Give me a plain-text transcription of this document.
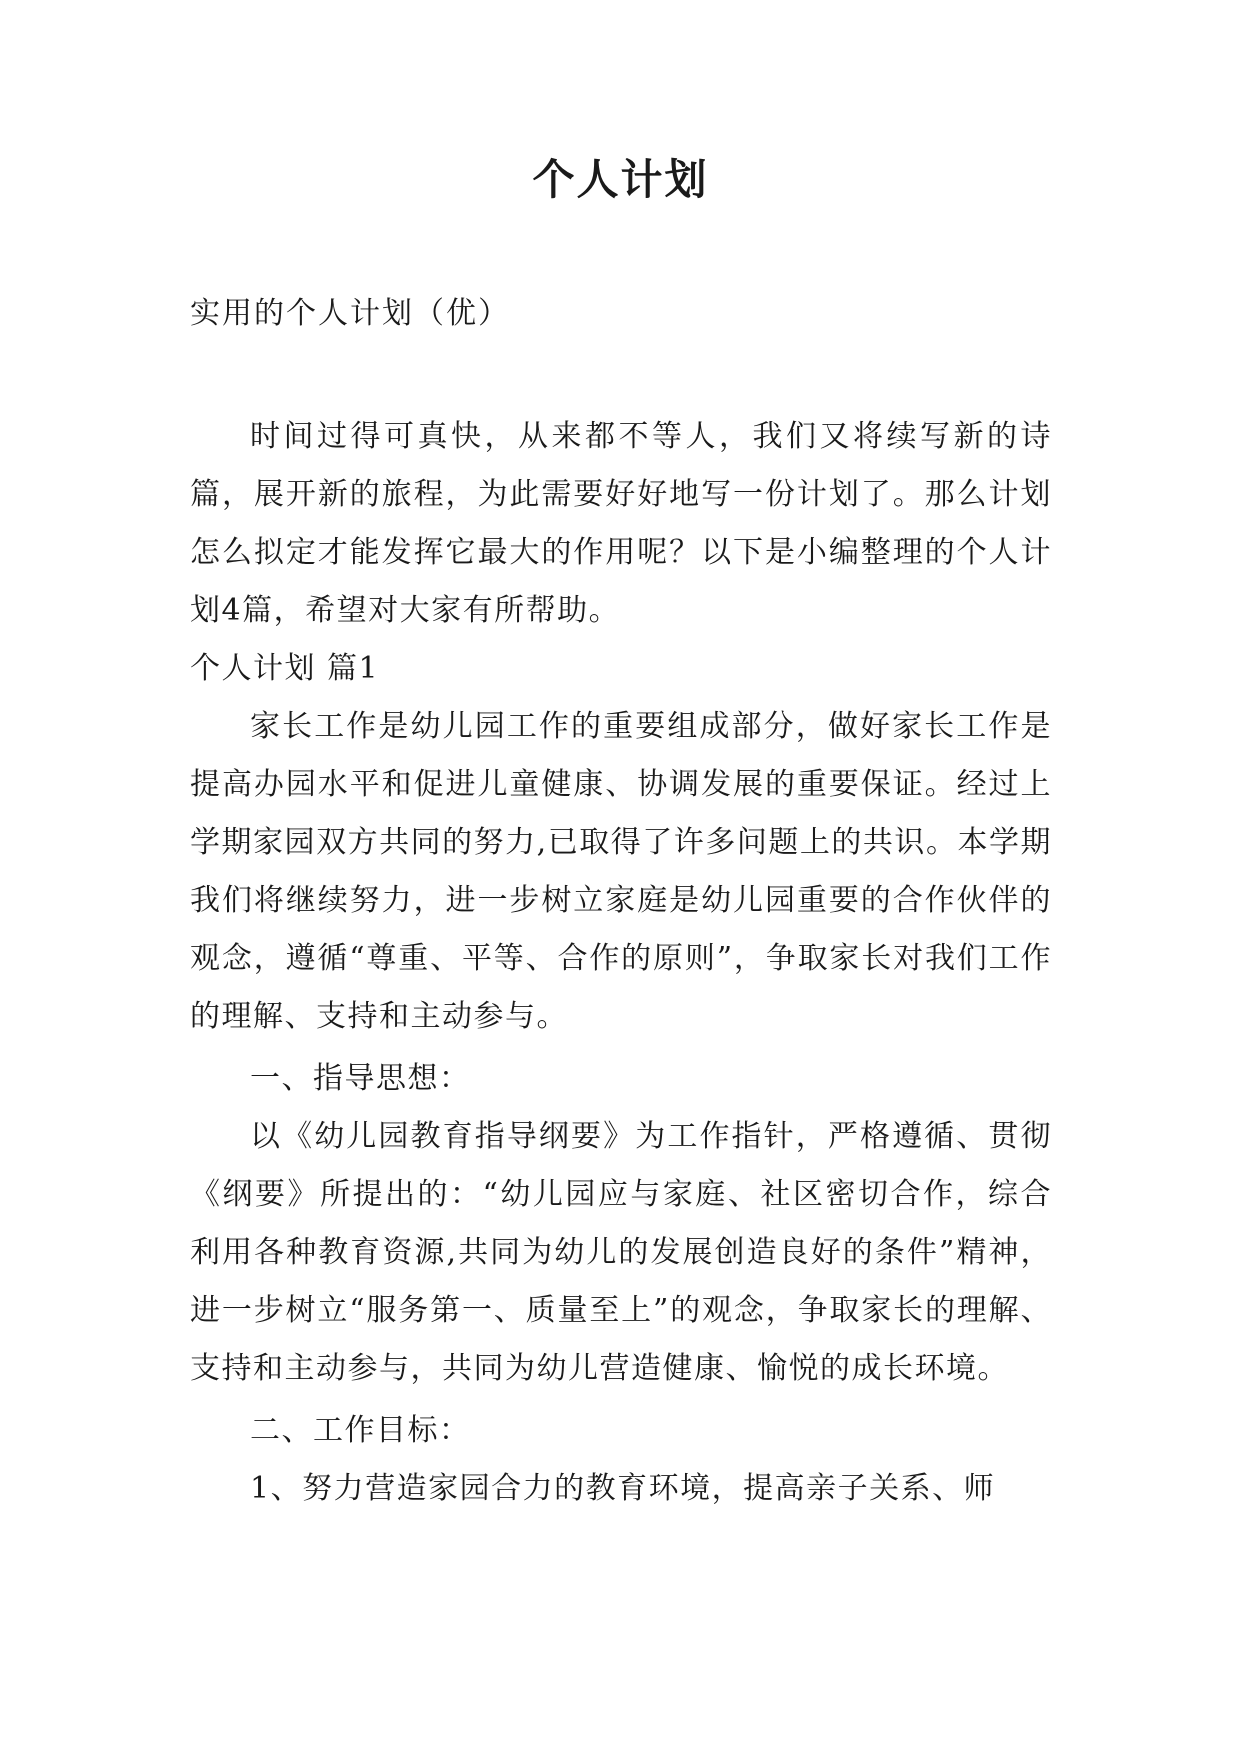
个人计划
实用的个人计划（优）

时间过得可真快，从来都不等人，我们又将续写新的诗篇，展开新的旅程，为此需要好好地写一份计划了。那么计划怎么拟定才能发挥它最大的作用呢？以下是小编整理的个人计划4篇，希望对大家有所帮助。

个人计划 篇1

家长工作是幼儿园工作的重要组成部分，做好家长工作是提高办园水平和促进儿童健康、协调发展的重要保证。经过上学期家园双方共同的努力,已取得了许多问题上的共识。本学期我们将继续努力，进一步树立家庭是幼儿园重要的合作伙伴的观念，遵循“尊重、平等、合作的原则”，争取家长对我们工作的理解、支持和主动参与。

一、指导思想：

以《幼儿园教育指导纲要》为工作指针，严格遵循、贯彻《纲要》所提出的：“幼儿园应与家庭、社区密切合作，综合利用各种教育资源,共同为幼儿的发展创造良好的条件”精神，进一步树立“服务第一、质量至上”的观念，争取家长的理解、支持和主动参与，共同为幼儿营造健康、愉悦的成长环境。

二、工作目标：

1、努力营造家园合力的教育环境，提高亲子关系、师
